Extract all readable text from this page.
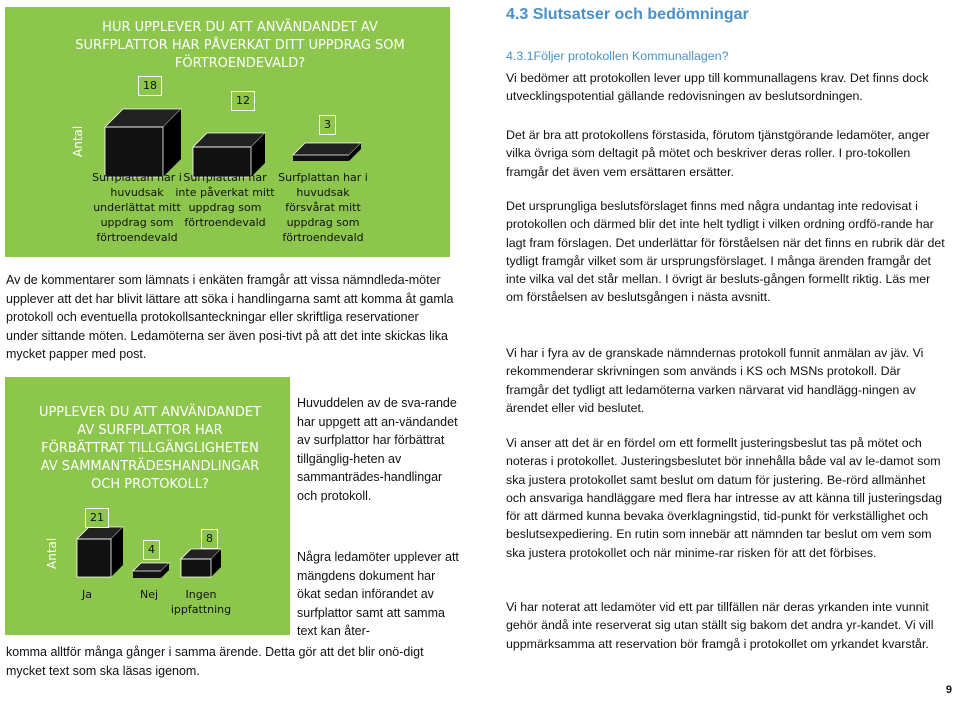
HUR UPPLEVER DU ATT ANVÄNDANDET AV
SURFPLATTOR HAR PÅVERKAT DITT UPPDRAG SOM
FÖRTROENDEVALD?
Antal
18
12
3
Surfplattan har i
huvudsak
underlättat mitt
uppdrag som
förtroendevald
Surfplattan har
inte påverkat mitt
uppdrag som
förtroendevald
Surfplattan har i
huvudsak
försvårat mitt
uppdrag som
förtroendevald
Av de kommentarer som lämnats i enkäten framgår att vissa nämndleda-möter upplever att det har blivit lättare att söka i handlingarna samt att komma åt gamla protokoll och eventuella protokollsanteckningar eller skriftliga reservationer under sittande möten. Ledamöterna ser även posi-tivt på att det inte skickas lika mycket papper med post.
UPPLEVER DU ATT ANVÄNDANDET
AV SURFPLATTOR HAR
FÖRBÄTTRAT TILLGÄNGLIGHETEN
AV SAMMANTRÄDESHANDLINGAR
OCH PROTOKOLL?
Antal
21
4
8
Ja	Nej	Ingen
ippfattning
Huvuddelen av de sva-rande har uppgett att an-vändandet av surfplattor har förbättrat tillgänglig-heten av sammanträdes-handlingar och protokoll.
Några ledamöter upplever att mängdens dokument har ökat sedan införandet av surfplattor samt att samma text kan åter-
komma alltför många gånger i samma ärende. Detta gör att det blir onö-digt mycket text som ska läsas igenom.
4.3 Slutsatser och bedömningar
4.3.1Följer protokollen Kommunallagen?
Vi bedömer att protokollen lever upp till kommunallagens krav. Det finns dock utvecklingspotential gällande redovisningen av beslutsordningen.
Det är bra att protokollens förstasida, förutom tjänstgörande ledamöter, anger vilka övriga som deltagit på mötet och beskriver deras roller. I pro-tokollen framgår det även vem ersättaren ersätter.
Det ursprungliga beslutsförslaget finns med några undantag inte redovisat i protokollen och därmed blir det inte helt tydligt i vilken ordning ordfö-rande har lagt fram förslagen. Det underlättar för förståelsen när det finns en rubrik där det tydligt framgår vilket som är ursprungsförslaget. I många ärenden framgår det inte vilka val det står mellan. I övrigt är besluts-gången formellt riktig. Läs mer om förståelsen av beslutsgången i nästa avsnitt.
Vi har i fyra av de granskade nämndernas protokoll funnit anmälan av jäv. Vi rekommenderar skrivningen som används i KS och MSNs protokoll. Där framgår det tydligt att ledamöterna varken närvarat vid handlägg-ningen av ärendet eller vid beslutet.
Vi anser att det är en fördel om ett formellt justeringsbeslut tas på mötet och noteras i protokollet. Justeringsbeslutet bör innehålla både val av le-damot som ska justera protokollet samt beslut om datum för justering. Be-rörd allmänhet och ansvariga handläggare med flera har intresse av att känna till justeringsdag för att därmed kunna bevaka överklagningstid, tid-punkt för verkställighet och beslutsexpediering. En rutin som innebär att nämnden tar beslut om vem som ska justera protokollet och när minime-rar risken för att det förbises.
Vi har noterat att ledamöter vid ett par tillfällen när deras yrkanden inte vunnit gehör ändå inte reserverat sig utan ställt sig bakom det andra yr-kandet. Vi vill uppmärksamma att reservation bör framgå i protokollet om yrkandet kvarstår.
9
